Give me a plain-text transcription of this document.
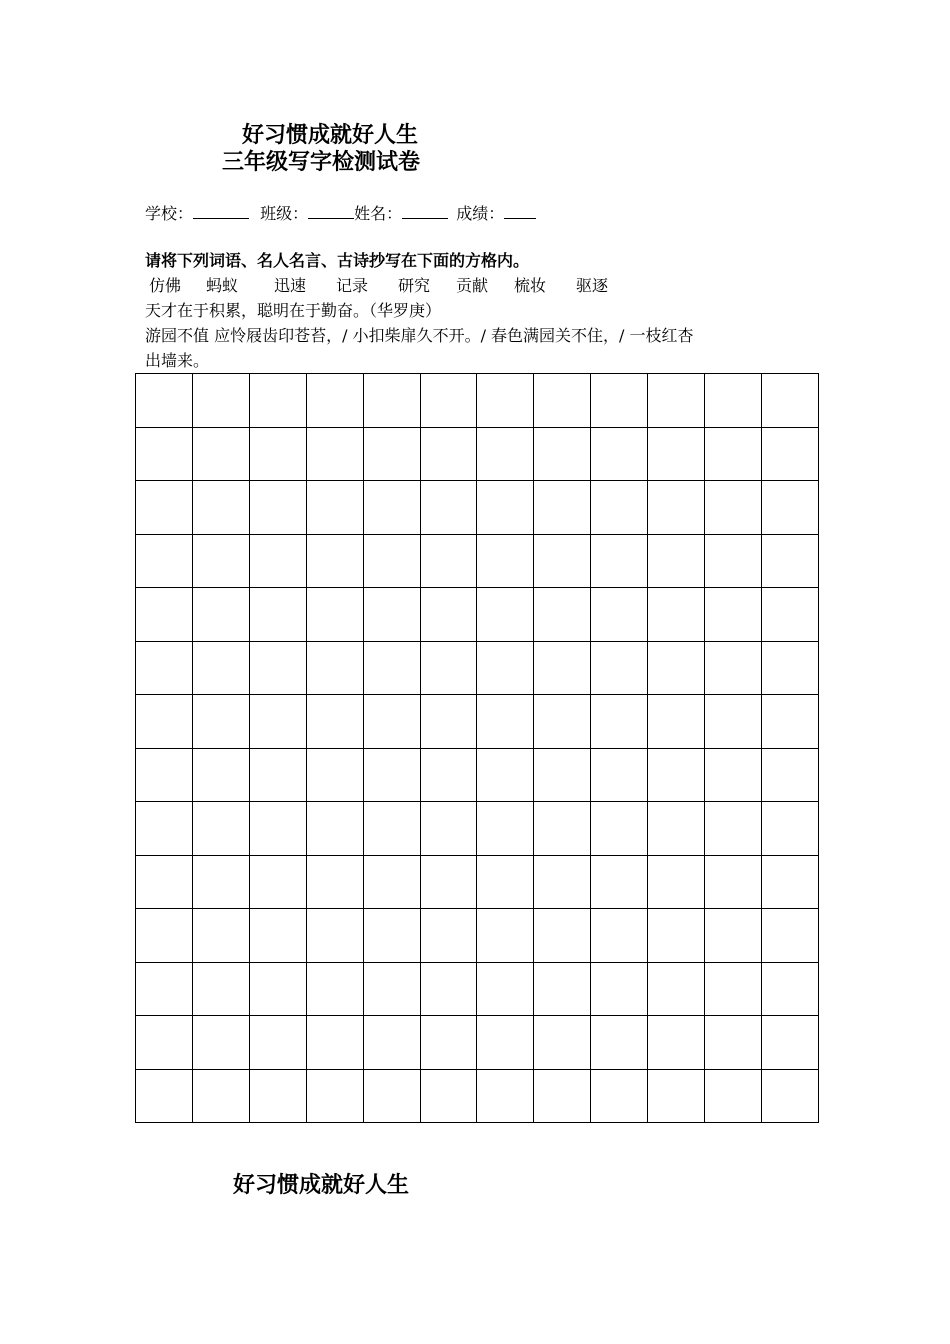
好习惯成就好人生
三年级写字检测试卷
学校：	班级：	姓名：	成绩：
请将下列词语、名人名言、古诗抄写在下面的方格内。
仿佛 蚂蚁 迅速 记录 研究 贡献 梳妆 驱逐
天才在于积累，聪明在于勤奋。（华罗庚）
游园不值 应怜屐齿印苍苔，/ 小扣柴扉久不开。/ 春色满园关不住，/ 一枝红杏
出墙来。

好习惯成就好人生
